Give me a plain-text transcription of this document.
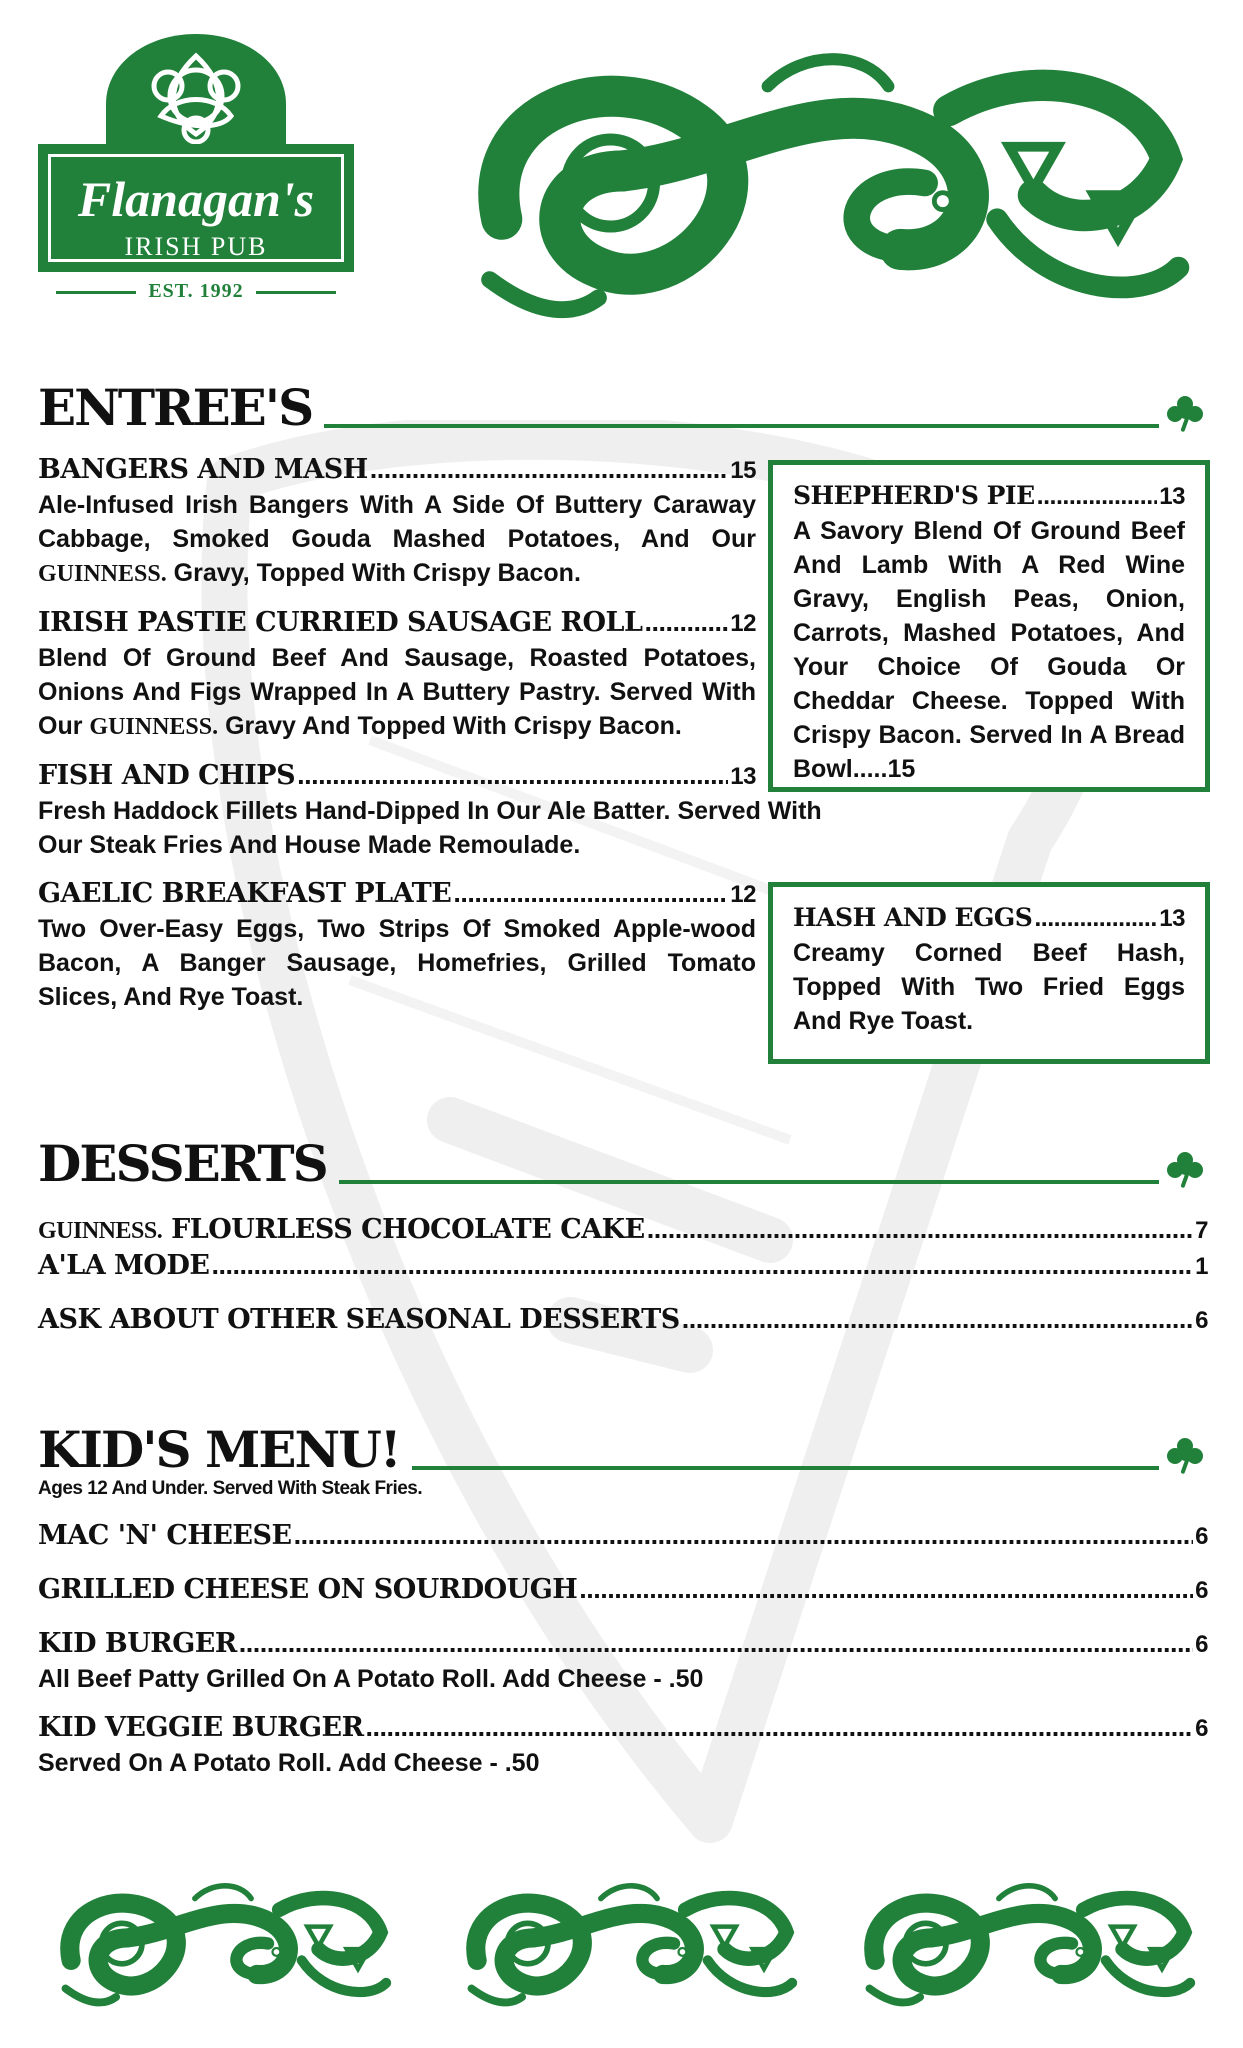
Flanagan's
IRISH PUB
EST. 1992
ENTREE'S
BANGERS AND MASH .....	15
Ale-Infused Irish Bangers With A Side Of Buttery Caraway Cabbage, Smoked Gouda Mashed Potatoes, And Our GUINNESS. Gravy, Topped With Crispy Bacon.
IRISH PASTIE CURRIED SAUSAGE ROLL .....	12
Blend Of Ground Beef And Sausage, Roasted Potatoes, Onions And Figs Wrapped In A Buttery Pastry. Served With Our GUINNESS. Gravy And Topped With Crispy Bacon.
FISH AND CHIPS .....	13
Fresh Haddock Fillets Hand-Dipped In Our Ale Batter. Served With Our Steak Fries And House Made Remoulade.
GAELIC BREAKFAST PLATE .....	12
Two Over-Easy Eggs, Two Strips Of Smoked Apple-wood Bacon, A Banger Sausage, Homefries, Grilled Tomato Slices, And Rye Toast.
SHEPHERD'S PIE .....	13
A Savory Blend Of Ground Beef And Lamb With A Red Wine Gravy, English Peas, Onion, Carrots, Mashed Potatoes, And Your Choice Of Gouda Or Cheddar Cheese. Topped With Crispy Bacon. Served In A Bread Bowl.....15
HASH AND EGGS .....	13
Creamy Corned Beef Hash, Topped With Two Fried Eggs And Rye Toast.
DESSERTS
GUINNESS. FLOURLESS CHOCOLATE CAKE .....	7
A'LA MODE .....	1
ASK ABOUT OTHER SEASONAL DESSERTS .....	6
KID'S MENU!
Ages 12 And Under. Served With Steak Fries.
MAC 'N' CHEESE .....	6
GRILLED CHEESE ON SOURDOUGH .....	6
KID BURGER .....	6
All Beef Patty Grilled On A Potato Roll. Add Cheese - .50
KID VEGGIE BURGER .....	6
Served On A Potato Roll. Add Cheese - .50
